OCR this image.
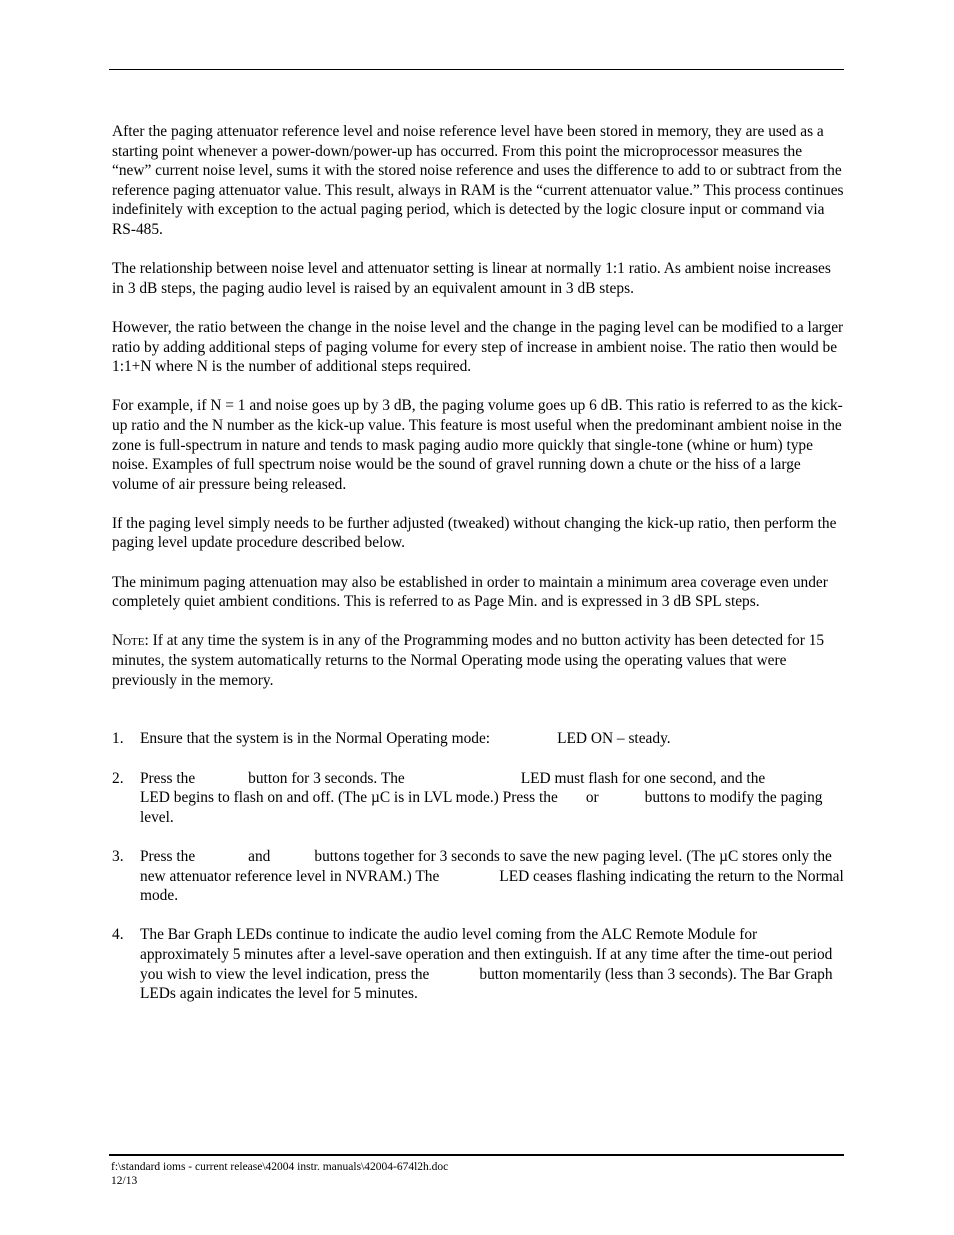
After the paging attenuator reference level and noise reference level have been stored in memory, they are used as a starting point whenever a power-down/power-up has occurred. From this point the microprocessor measures the “new” current noise level, sums it with the stored noise reference and uses the difference to add to or subtract from the reference paging attenuator value. This result, always in RAM is the “current attenuator value.” This process continues indefinitely with exception to the actual paging period, which is detected by the logic closure input or command via RS-485.

The relationship between noise level and attenuator setting is linear at normally 1:1 ratio. As ambient noise increases in 3 dB steps, the paging audio level is raised by an equivalent amount in 3 dB steps.

However, the ratio between the change in the noise level and the change in the paging level can be modified to a larger ratio by adding additional steps of paging volume for every step of increase in ambient noise. The ratio then would be 1:1+N where N is the number of additional steps required.

For example, if N = 1 and noise goes up by 3 dB, the paging volume goes up 6 dB. This ratio is referred to as the kick-up ratio and the N number as the kick-up value. This feature is most useful when the predominant ambient noise in the zone is full-spectrum in nature and tends to mask paging audio more quickly that single-tone (whine or hum) type noise. Examples of full spectrum noise would be the sound of gravel running down a chute or the hiss of a large volume of air pressure being released.

If the paging level simply needs to be further adjusted (tweaked) without changing the kick-up ratio, then perform the paging level update procedure described below.

The minimum paging attenuation may also be established in order to maintain a minimum area coverage even under completely quiet ambient conditions. This is referred to as Page Min. and is expressed in 3 dB SPL steps.

Note: If at any time the system is in any of the Programming modes and no button activity has been detected for 15 minutes, the system automatically returns to the Normal Operating mode using the operating values that were previously in the memory.

1.	Ensure that the system is in the Normal Operating mode:	LED ON – steady.
2.	Press the	button for 3 seconds. The	LED must flash for one second, and theLED begins to flash on and off. (The µC is in LVL mode.) Press the or	buttons to modify the paging level.
3.	Press the	and	buttons together for 3 seconds to save the new paging level. (The µC stores only the new attenuator reference level in NVRAM.) The	LED ceases flashing indicating the return to the Normal mode.
4.	The Bar Graph LEDs continue to indicate the audio level coming from the ALC Remote Module for approximately 5 minutes after a level-save operation and then extinguish. If at any time after the time-out period you wish to view the level indication, press the	button momentarily (less than 3 seconds). The Bar Graph LEDs again indicates the level for 5 minutes.
f:\standard ioms - current release\42004 instr. manuals\42004-674l2h.doc
12/13
